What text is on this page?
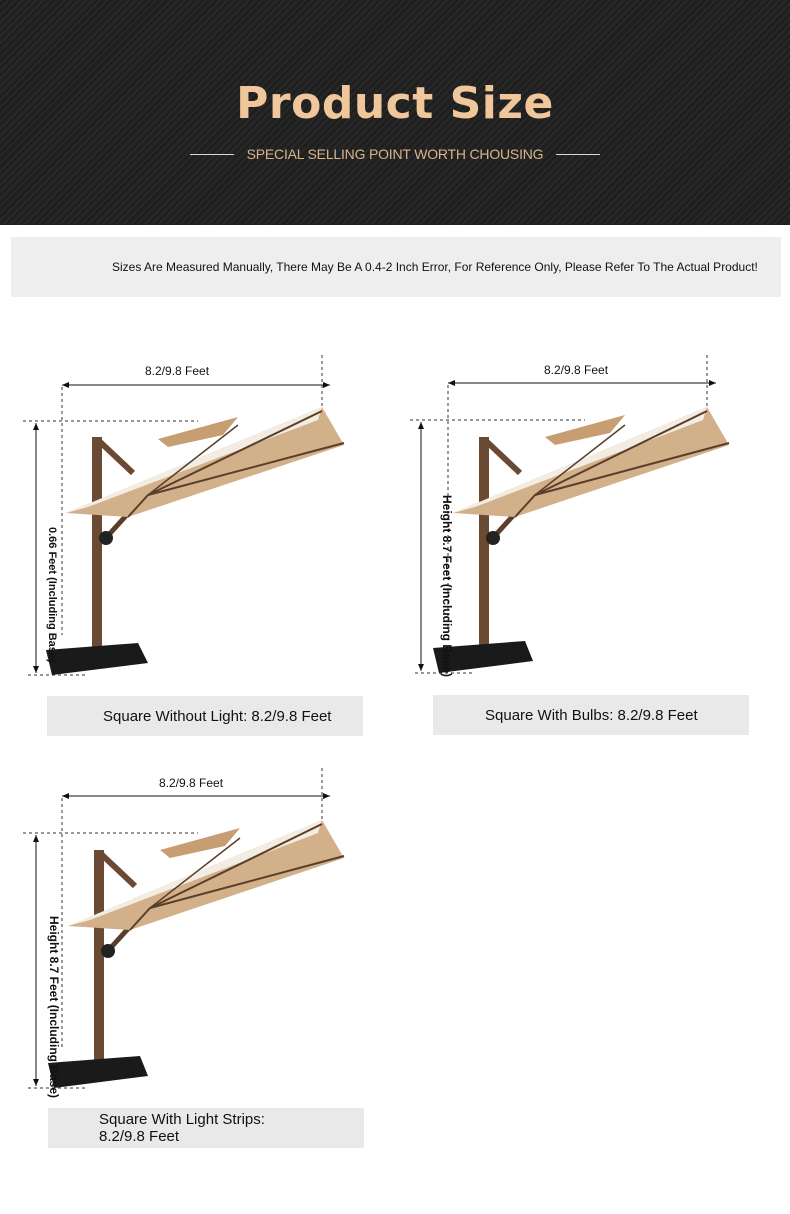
Product Size
SPECIAL SELLING POINT WORTH CHOUSING
Sizes Are Measured Manually, There May Be A 0.4-2 Inch Error, For Reference Only, Please Refer To The Actual Product!
8.2/9.8 Feet
0.66 Feet (Including Base)
Square Without Light: 8.2/9.8 Feet
8.2/9.8 Feet
Height 8.7 Feet (Including Base)
Square With Bulbs: 8.2/9.8 Feet
8.2/9.8 Feet
Height 8.7 Feet (Including Base)
Square With Light Strips: 8.2/9.8 Feet
